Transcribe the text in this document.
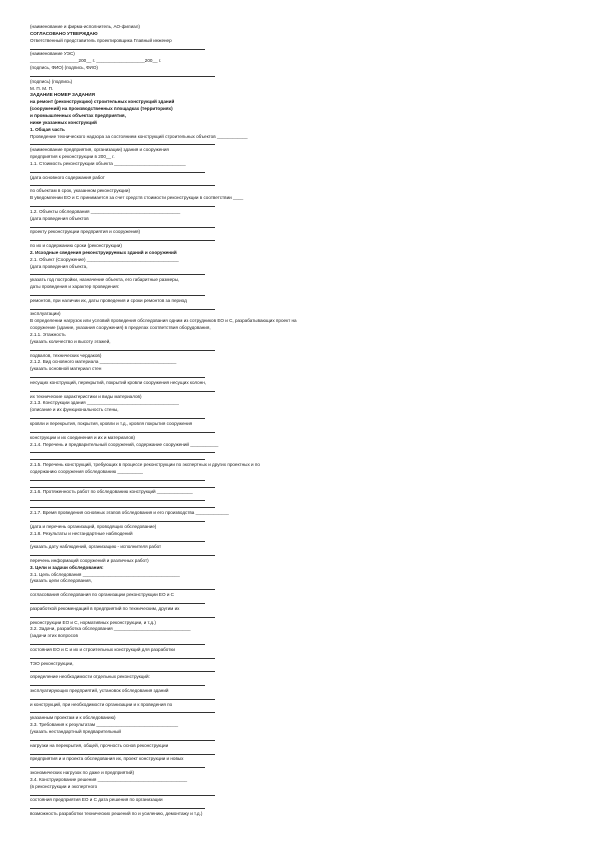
(наименование и фирма-исполнитель, АО-филиал)
СОГЛАСОВАНО УТВЕРЖДАЮ
Ответственный представитель проектировщика Главный инженер
(наименование УЭС)
___________________200__ г. ___________________200__ г.
(подпись, ФИО) (подпись, ФИО)
(подпись) (подпись)
М. П. М. П.
ЗАДАНИЕ НОМЕР ЗАДАНИЯ
на ремонт (реконструкцию) строительных конструкций зданий
(сооружений) на производственных площадках (территориях)
и промышленных объектах предприятия,
ниже указанных конструкций
1. Общая часть
Проведение технического надзора за состоянием конструкций строительных объектов ____________
(наименование предприятия, организации) здания и сооружения
предприятия к реконструкции в 200__ г.
1.1. Стоимость реконструкции объекта ____________________________
(дата основного содержания работ
по объектам в срок, указанном реконструкции)
В уведомлении ЕО и С принимается за счет средств стоимости реконструкции в соответствии ____
1.2. Объекты обследования ___________________________________
(дата проведения объектов
проекту реконструкции предприятия и сооружения)
по их и содержанию сроки (реконструкции)
2. Исходные сведения реконструируемых зданий и сооружений
2.1. Объект (Сооружение) ____________________________________
(дата проведения объекта,
указать год постройки, назначение объекта, его габаритные размеры,
даты проведения и характер проведения:
ремонтов, при наличии их, даты проведения и сроки ремонтов за период
эксплуатации)
В определении нагрузок или условий проведения обследования одним из сотрудников ЕО и С, разрабатывающих проект на
сооружение (здание, указания сооружения) в пределах соответствия оборудования,
2.1.1. Этажность
(указать количество и высоту этажей,
подвалов, технических чердаков)
2.1.2. Вид основного материала ______________________________
(указать основной материал стен
несущих конструкций, перекрытий, покрытий кровли сооружения несущих колонн,
их технические характеристики и виды материалов)
2.1.3. Конструкции здания ____________________________________
(описание и их функциональность стены,
кровли и перекрытия, покрытия, кровли и т.д., кровля покрытия сооружения
конструкции и их соединения и их и материалов)
2.1.4. Перечень и предварительный сооружений, содержание сооружений ___________
2.1.5. Перечень конструкций, требующих в процессе реконструкции по экспертных и других проектных и по
содержанию сооружения обследованию __________
2.1.6. Протяженность работ по обследованию конструкций ______________
2.1.7. Время проведения основных этапов обследования и его производства _____________
(дата и перечень организаций, проводящих обследование)
2.1.8. Результаты и нестандартные наблюдений
(указать дату наблюдений, организацию - исполнителя работ
перечень информаций сооружений и различных работ)
3. Цели и задачи обследования:
3.1. Цель обследования ______________________________________
(указать цели обследования,
согласования обследования по организации реконструкции ЕО и С
разработкой рекомендаций в предприятий по техническим, другим их
реконструкции ЕО и С, нормативных реконструкции, и т.д.)
3.2. Задачи, разработка обследования ______________________________
(задачи этих вопросов
состояния ЕО и С и их и строительных конструкций для разработки
ТЭО реконструкции,
определение необходимости отдельных реконструкций:
эксплуатирующих предприятий, установок обследования зданий
и конструкций, при необходимости организации и к проведения по
указанным проектам и к обследованию)
3.3. Требования к результатам ________________________________
(указать нестандартный предварительный
нагрузки на перекрытия, общей, прочность основ реконструкции
предприятия и и проекта обследования их, проект конструкции и новых
экономических нагрузок по даже и предприятий)
3.4. Конструирование решения ___________________________________
(в реконструкции и экспертного
состояния предприятия ЕО и С дата решения по организации
возможность разработки технических решений по и усилению, демонтажу и т.д.)
